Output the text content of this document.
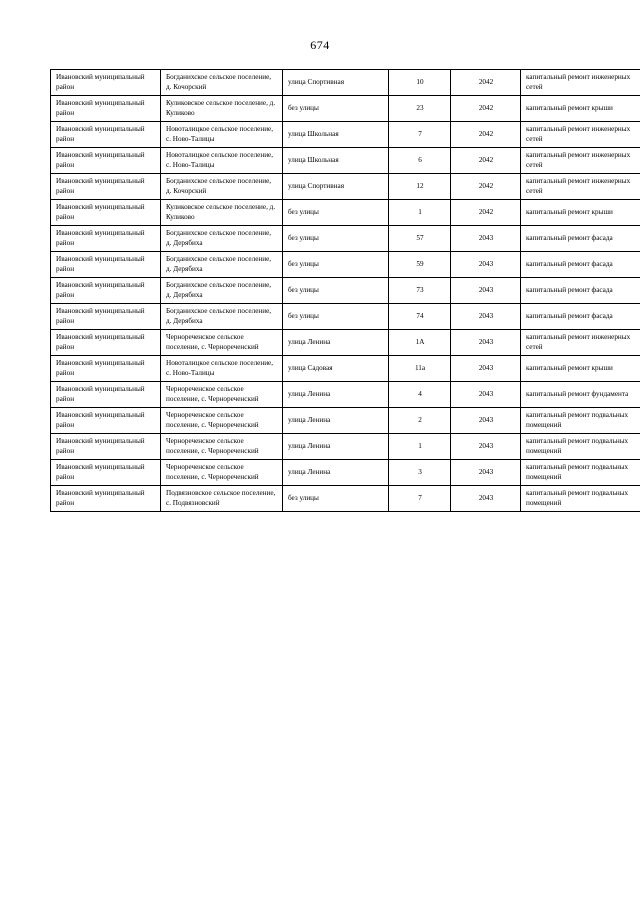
674
Ивановский муниципальный район	Богданихское сельское поселение, д. Кочорский	улица Спортивная	10	2042	капитальный ремонт инженерных сетей
Ивановский муниципальный район	Куликовское сельское поселение, д. Куликово	без улицы	23	2042	капитальный ремонт крыши
Ивановский муниципальный район	Новоталицкое сельское поселение, с. Ново-Талицы	улица Школьная	7	2042	капитальный ремонт инженерных сетей
Ивановский муниципальный район	Новоталицкое сельское поселение, с. Ново-Талицы	улица Школьная	6	2042	капитальный ремонт инженерных сетей
Ивановский муниципальный район	Богданихское сельское поселение, д. Кочорский	улица Спортивная	12	2042	капитальный ремонт инженерных сетей
Ивановский муниципальный район	Куликовское сельское поселение, д. Куликово	без улицы	1	2042	капитальный ремонт крыши
Ивановский муниципальный район	Богданихское сельское поселение, д. Дерябиха	без улицы	57	2043	капитальный ремонт фасада
Ивановский муниципальный район	Богданихское сельское поселение, д. Дерябиха	без улицы	59	2043	капитальный ремонт фасада
Ивановский муниципальный район	Богданихское сельское поселение, д. Дерябиха	без улицы	73	2043	капитальный ремонт фасада
Ивановский муниципальный район	Богданихское сельское поселение, д. Дерябиха	без улицы	74	2043	капитальный ремонт фасада
Ивановский муниципальный район	Чернореченское сельское поселение, с. Чернореченский	улица Ленина	1А	2043	капитальный ремонт инженерных сетей
Ивановский муниципальный район	Новоталицкое сельское поселение, с. Ново-Талицы	улица Садовая	11а	2043	капитальный ремонт крыши
Ивановский муниципальный район	Чернореченское сельское поселение, с. Чернореченский	улица Ленина	4	2043	капитальный ремонт фундамента
Ивановский муниципальный район	Чернореченское сельское поселение, с. Чернореченский	улица Ленина	2	2043	капитальный ремонт подвальных помещений
Ивановский муниципальный район	Чернореченское сельское поселение, с. Чернореченский	улица Ленина	1	2043	капитальный ремонт подвальных помещений
Ивановский муниципальный район	Чернореченское сельское поселение, с. Чернореченский	улица Ленина	3	2043	капитальный ремонт подвальных помещений
Ивановский муниципальный район	Подвязновское сельское поселение, с. Подвязновский	без улицы	7	2043	капитальный ремонт подвальных помещений
